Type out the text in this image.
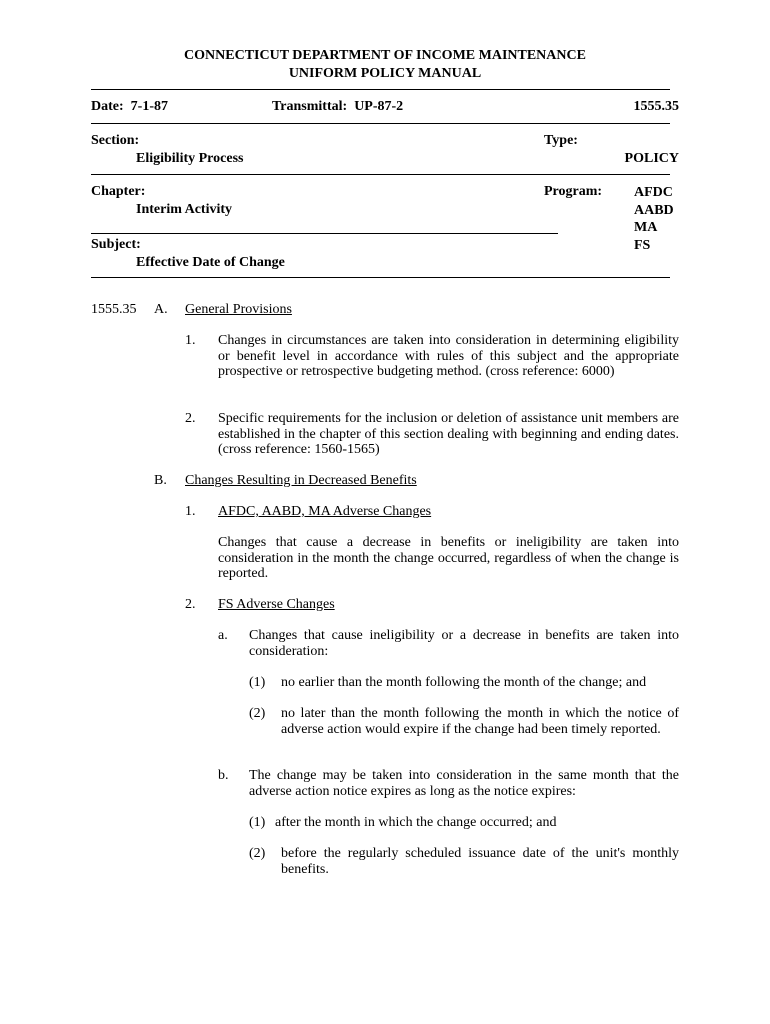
CONNECTICUT DEPARTMENT OF INCOME MAINTENANCE
UNIFORM POLICY MANUAL
Date: 7-1-87	Transmittal: UP-87-2	1555.35
Section:
Eligibility Process
Type:
POLICY
Chapter:
Interim Activity
Program: AFDC
AABD
MA
FS
Subject:
Effective Date of Change
1555.35 A. General Provisions
1. Changes in circumstances are taken into consideration in determining eligibility or benefit level in accordance with rules of this subject and the appropriate prospective or retrospective budgeting method. (cross reference: 6000)

2. Specific requirements for the inclusion or deletion of assistance unit members are established in the chapter of this section dealing with beginning and ending dates. (cross reference: 1560-1565)

B. Changes Resulting in Decreased Benefits
1. AFDC, AABD, MA Adverse Changes

Changes that cause a decrease in benefits or ineligibility are taken into consideration in the month the change occurred, regardless of when the change is reported.

2. FS Adverse Changes
a. Changes that cause ineligibility or a decrease in benefits are taken into consideration:

(1) no earlier than the month following the month of the change; and

(2) no later than the month following the month in which the notice of adverse action would expire if the change had been timely reported.

b. The change may be taken into consideration in the same month that the adverse action notice expires as long as the notice expires:

(1) after the month in which the change occurred; and

(2) before the regularly scheduled issuance date of the unit's monthly benefits.
